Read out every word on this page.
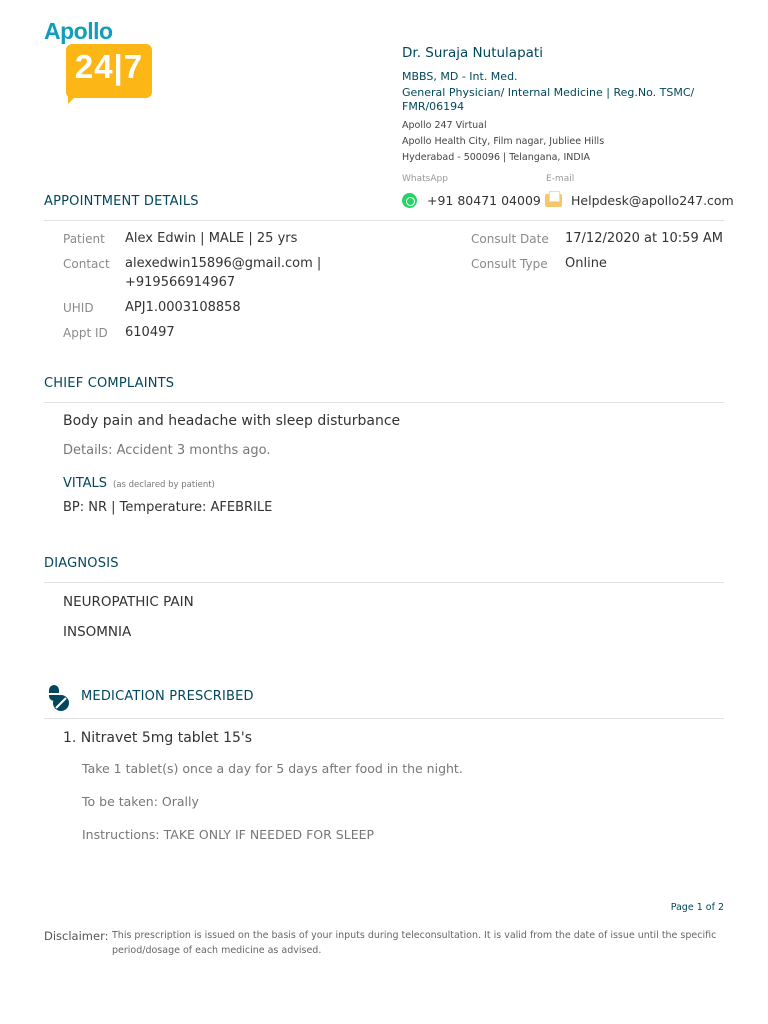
Apollo
24|7	Dr. Suraja Nutulapati
MBBS, MD - Int. Med.
General Physician/ Internal Medicine | Reg.No. TSMC/ FMR/06194
Apollo 247 Virtual
Apollo Health City, Film nagar, Jubliee Hills
Hyderabad - 500096 | Telangana, INDIA
WhatsApp	E-mail
+91 80471 04009 Helpdesk@apollo247.com
APPOINTMENT DETAILS
Patient Alex Edwin | MALE | 25 yrs
Contact alexedwin15896@gmail.com |
+919566914967
UHID APJ1.0003108858
Appt ID 610497
Consult Date 17/12/2020 at 10:59 AM
Consult Type Online
CHIEF COMPLAINTS
Body pain and headache with sleep disturbance
Details: Accident 3 months ago.
VITALS (as declared by patient)
BP: NR | Temperature: AFEBRILE
DIAGNOSIS
NEUROPATHIC PAIN
INSOMNIA
MEDICATION PRESCRIBED
1. Nitravet 5mg tablet 15's
Take 1 tablet(s) once a day for 5 days after food in the night.
To be taken: Orally
Instructions: TAKE ONLY IF NEEDED FOR SLEEP
Page 1 of 2
Disclaimer: This prescription is issued on the basis of your inputs during teleconsultation. It is valid from the date of issue until the specific period/dosage of each medicine as advised.
